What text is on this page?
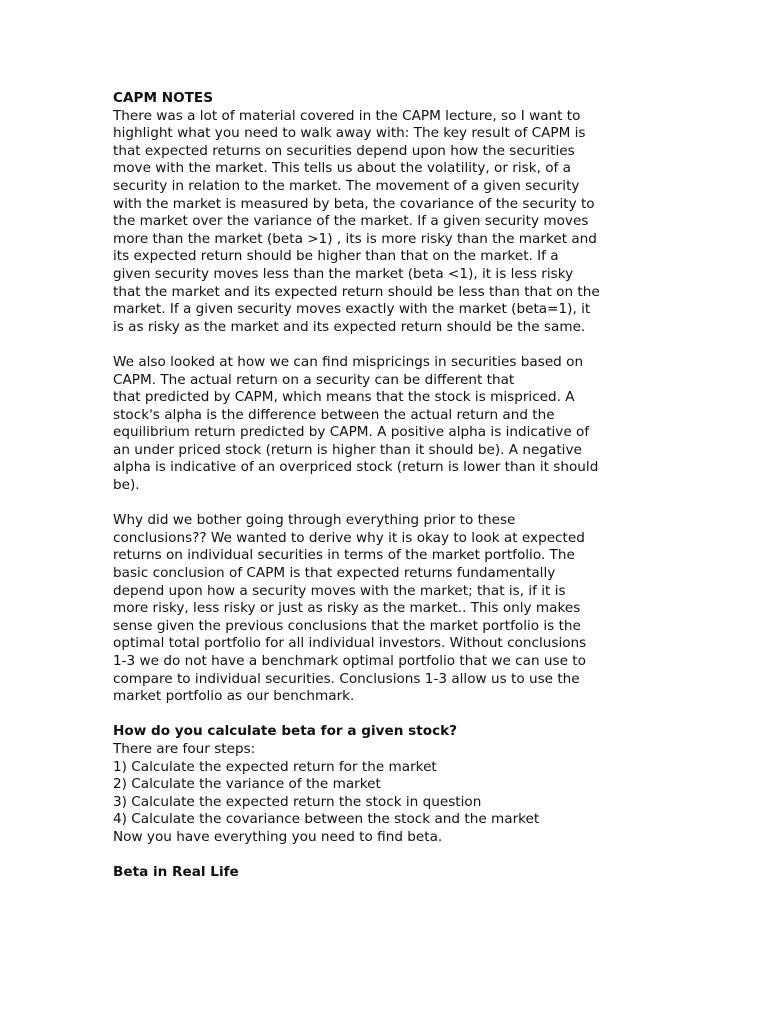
CAPM NOTES
There was a lot of material covered in the CAPM lecture, so I want to
highlight what you need to walk away with: The key result of CAPM is
that expected returns on securities depend upon how the securities
move with the market. This tells us about the volatility, or risk, of a
security in relation to the market. The movement of a given security
with the market is measured by beta, the covariance of the security to
the market over the variance of the market. If a given security moves
more than the market (beta >1) , its is more risky than the market and
its expected return should be higher than that on the market. If a
given security moves less than the market (beta <1), it is less risky
that the market and its expected return should be less than that on the
market. If a given security moves exactly with the market (beta=1), it
is as risky as the market and its expected return should be the same.
We also looked at how we can find mispricings in securities based on
CAPM. The actual return on a security can be different that
that predicted by CAPM, which means that the stock is mispriced. A
stock's alpha is the difference between the actual return and the
equilibrium return predicted by CAPM. A positive alpha is indicative of
an under priced stock (return is higher than it should be). A negative
alpha is indicative of an overpriced stock (return is lower than it should
be).
Why did we bother going through everything prior to these
conclusions?? We wanted to derive why it is okay to look at expected
returns on individual securities in terms of the market portfolio. The
basic conclusion of CAPM is that expected returns fundamentally
depend upon how a security moves with the market; that is, if it is
more risky, less risky or just as risky as the market.. This only makes
sense given the previous conclusions that the market portfolio is the
optimal total portfolio for all individual investors. Without conclusions
1-3 we do not have a benchmark optimal portfolio that we can use to
compare to individual securities. Conclusions 1-3 allow us to use the
market portfolio as our benchmark.
How do you calculate beta for a given stock?
There are four steps:
1) Calculate the expected return for the market
2) Calculate the variance of the market
3) Calculate the expected return the stock in question
4) Calculate the covariance between the stock and the market
Now you have everything you need to find beta.
Beta in Real Life
